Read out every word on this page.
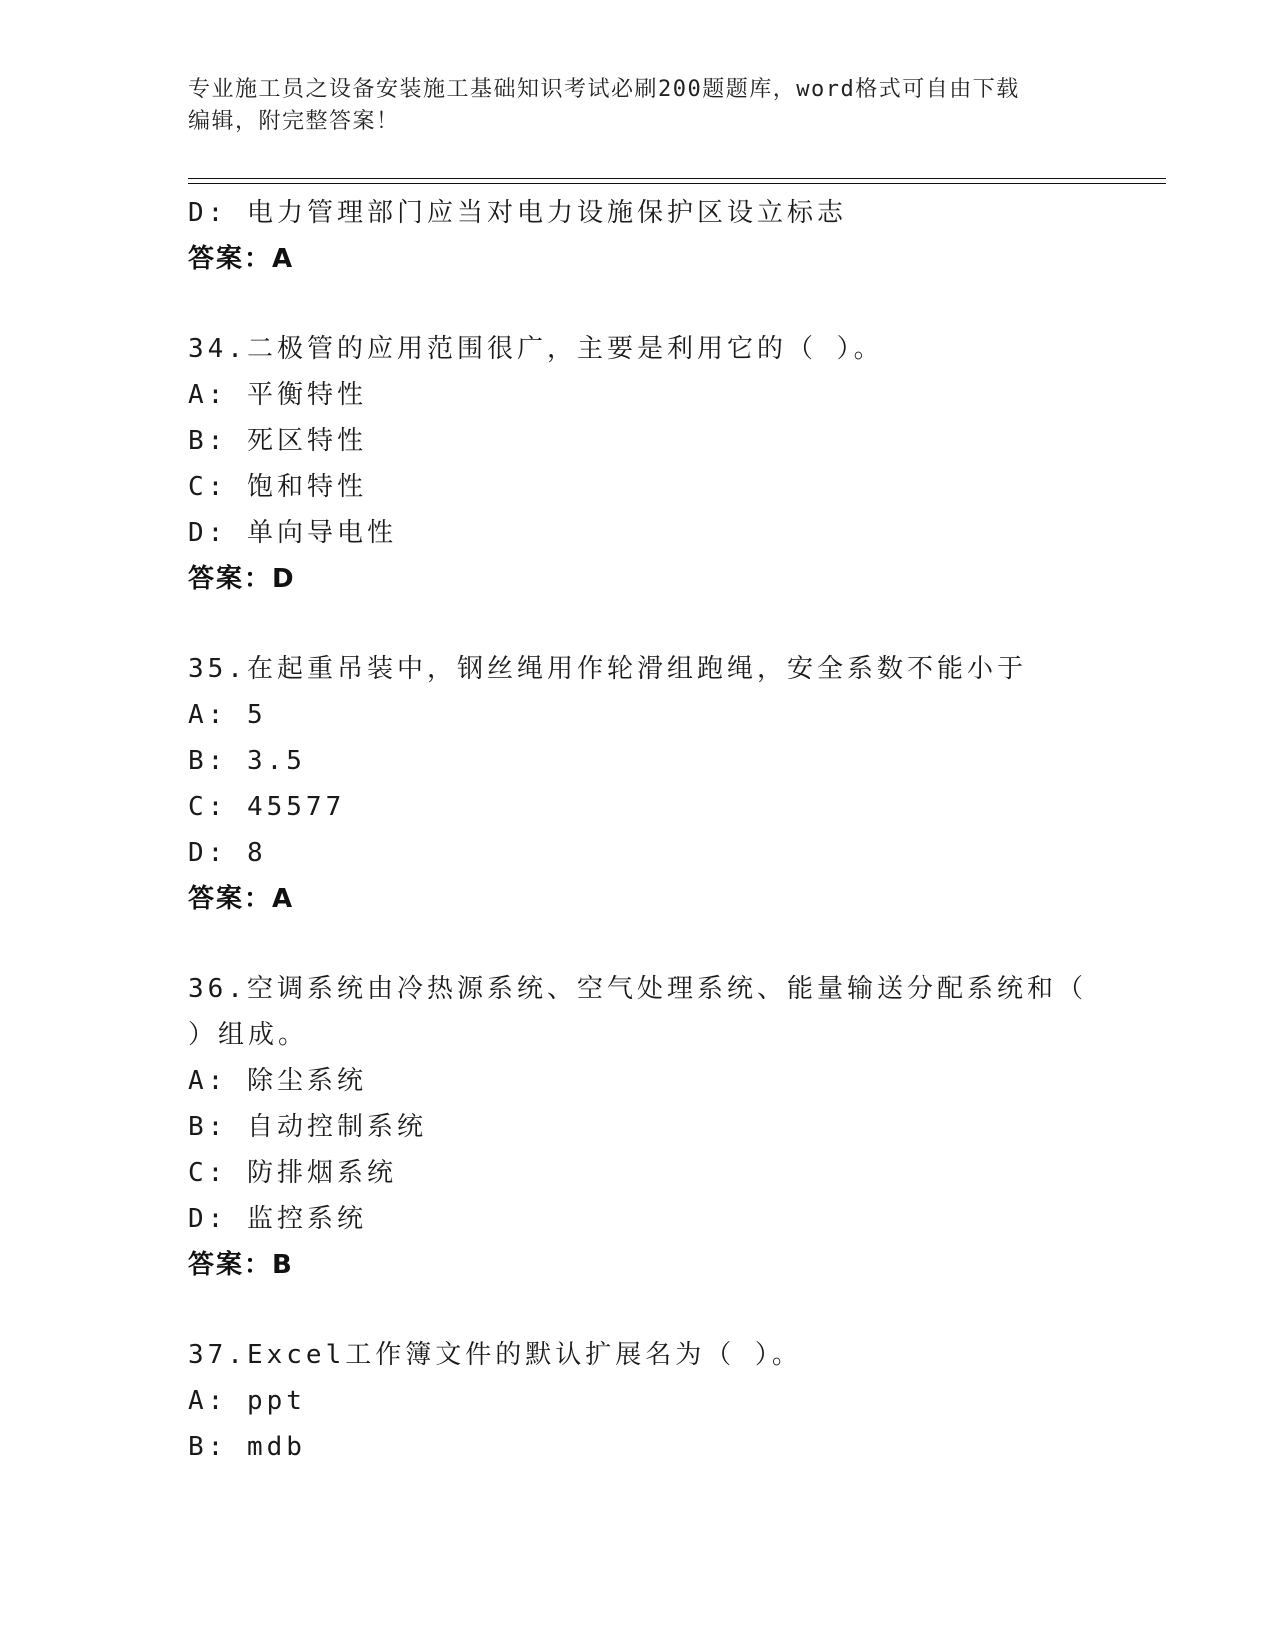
专业施工员之设备安装施工基础知识考试必刷200题题库，word格式可自由下载
编辑，附完整答案！
D: 电力管理部门应当对电力设施保护区设立标志
答案：A
34.二极管的应用范围很广，主要是利用它的（ ）。
A: 平衡特性
B: 死区特性
C: 饱和特性
D: 单向导电性
答案：D
35.在起重吊装中，钢丝绳用作轮滑组跑绳，安全系数不能小于
A: 5
B: 3.5
C: 45577
D: 8
答案：A
36.空调系统由冷热源系统、空气处理系统、能量输送分配系统和（
）组成。
A: 除尘系统
B: 自动控制系统
C: 防排烟系统
D: 监控系统
答案：B
37.Excel工作簿文件的默认扩展名为（ ）。
A: ppt
B: mdb
